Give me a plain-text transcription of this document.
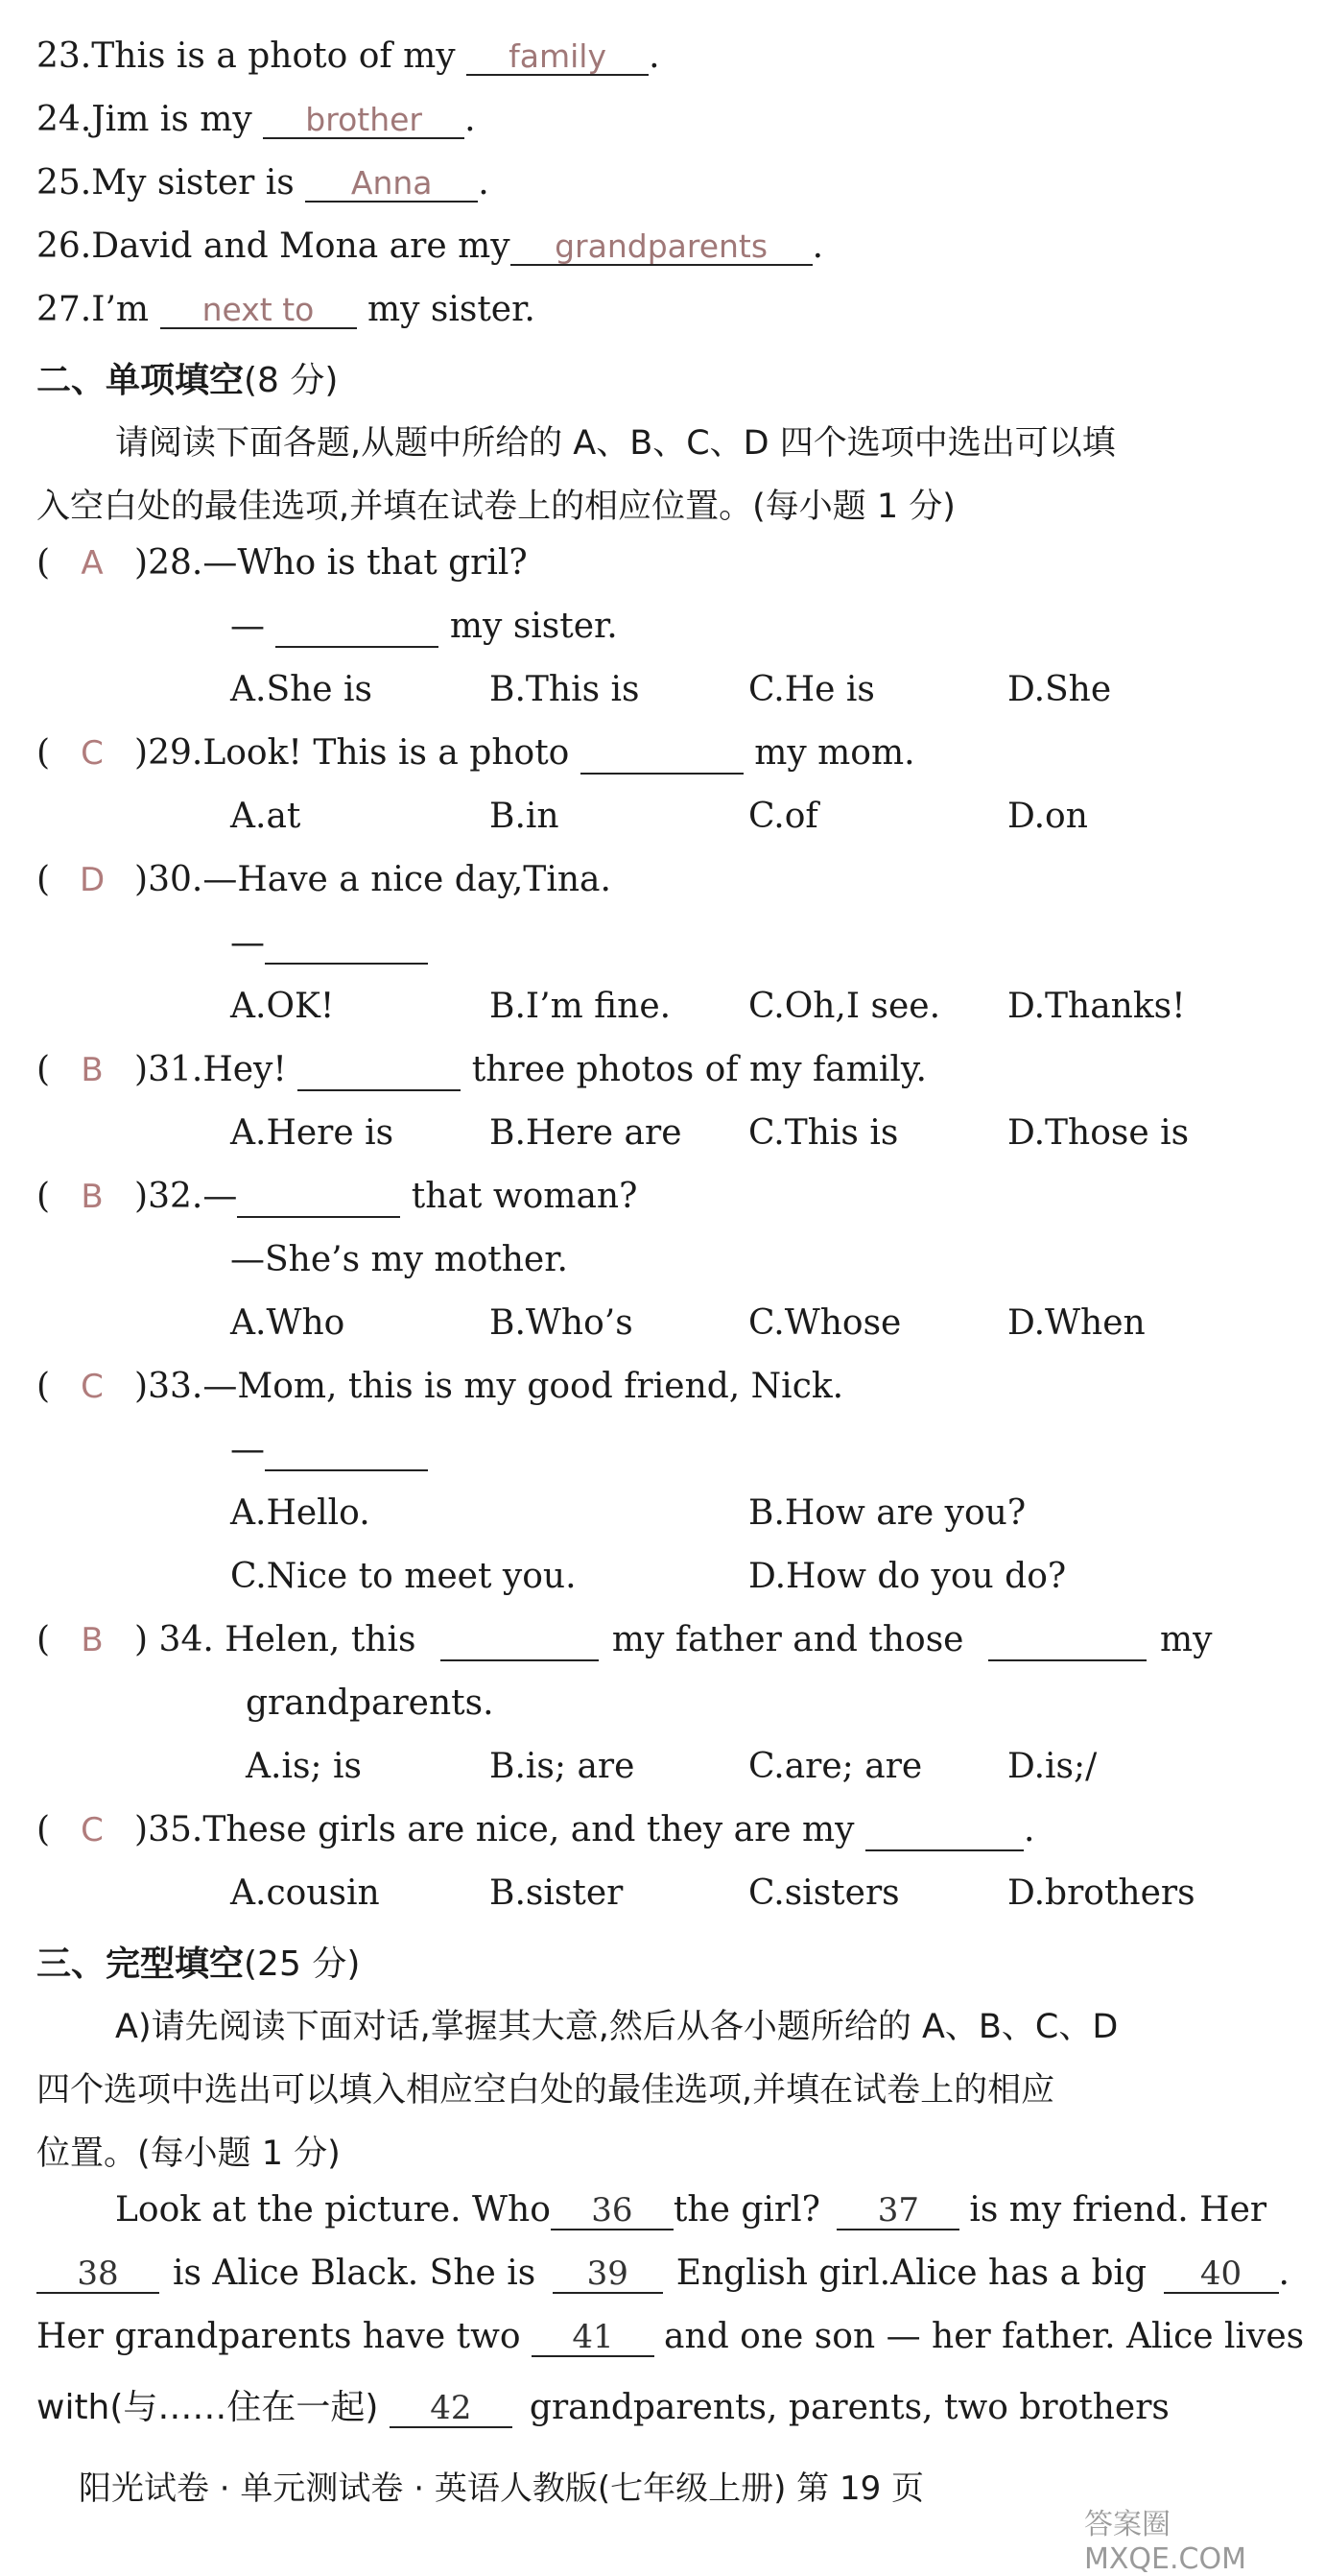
23.This is a photo of my family .
24.Jim is my brother .
25.My sister is Anna .
26.David and Mona are my grandparents .
27.I’m next to my sister.
二、单项填空(8 分)
请阅读下面各题,从题中所给的 A、B、C、D 四个选项中选出可以填
入空白处的最佳选项,并填在试卷上的相应位置。(每小题 1 分)
( A )28.—Who is that gril?
—	my sister.
A.She is	B.This is	C.He is	D.She
( C )29.Look! This is a photo	my mom.
A.at	B.in	C.of	D.on
( D )30.—Have a nice day,Tina.
—
A.OK!	B.I’m fine. C.Oh,I see. D.Thanks!
( B )31.Hey!	three photos of my family.
A.Here is	B.Here are C.This is	D.Those is
( B )32.—	that woman?
—She’s my mother.
A.Who	B.Who’s	C.Whose	D.When
( C )33.—Mom, this is my good friend, Nick.
—
A.Hello.	B.How are you?
C.Nice to meet you.	D.How do you do?
( B ) 34. Helen, this	my father and those	my
grandparents.
A.is; is	B.is; are	C.are; are D.is;/
( C )35.These girls are nice, and they are my	.
A.cousin	B.sister	C.sisters	D.brothers
三、完型填空(25 分)
A)请先阅读下面对话,掌握其大意,然后从各小题所给的 A、B、C、D
四个选项中选出可以填入相应空白处的最佳选项,并填在试卷上的相应
位置。(每小题 1 分)
Look at the picture. Who 36 the girl? 37 is my friend. Her
38 is Alice Black. She is 39 English girl.Alice has a big 40 .
Her grandparents have two 41 and one son — her father. Alice lives
with(与……住在一起) 42 grandparents, parents, two brothers
阳光试卷 · 单元测试卷 · 英语人教版(七年级上册) 第 19 页
答案圈 MXQE.COM
